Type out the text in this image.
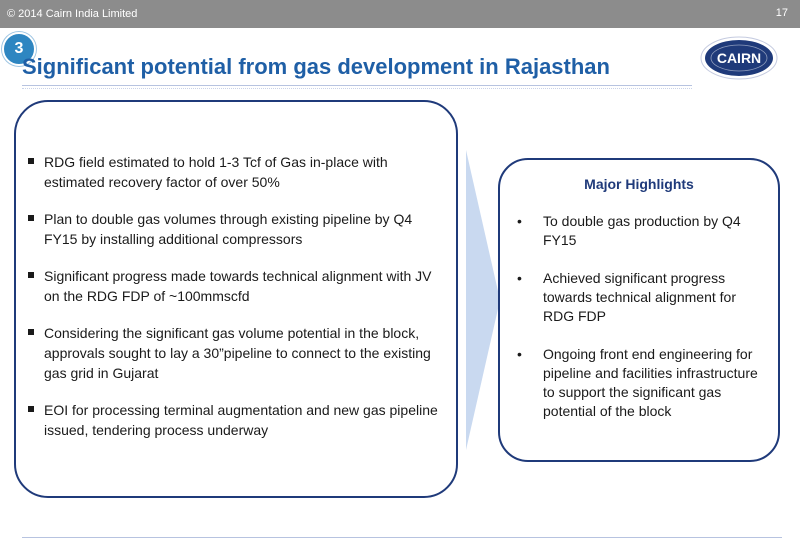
© 2014 Cairn India Limited	17
3
Significant potential from gas development in Rajasthan	CAIRN
RDG field estimated to hold 1-3 Tcf of Gas in-place with estimated recovery factor of over 50%
Plan to double gas volumes through existing pipeline by Q4 FY15 by installing additional compressors
Significant progress made towards technical alignment with JV on the RDG FDP of ~100mmscfd
Considering the significant gas volume potential in the block, approvals sought to lay a 30”pipeline to connect to the existing gas grid in Gujarat
EOI for processing terminal augmentation and new gas pipeline issued, tendering process underway
Major Highlights
• To double gas production by Q4 FY15
• Achieved significant progress towards technical alignment for RDG FDP
• Ongoing front end engineering for pipeline and facilities infrastructure to support the significant gas potential of the block
